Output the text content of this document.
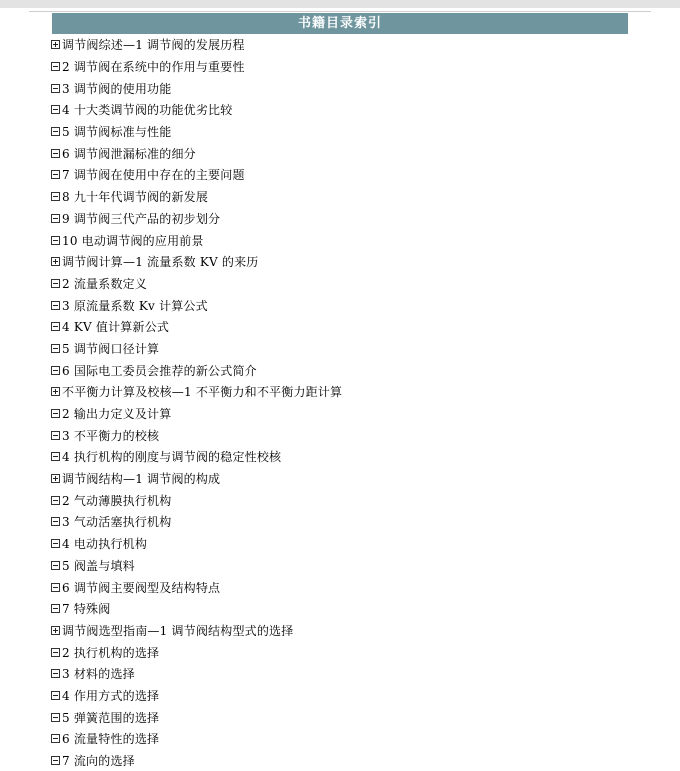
书籍目录索引
调节阀综述—1 调节阀的发展历程
2 调节阀在系统中的作用与重要性
3 调节阀的使用功能
4 十大类调节阀的功能优劣比较
5 调节阀标准与性能
6 调节阀泄漏标准的细分
7 调节阀在使用中存在的主要问题
8 九十年代调节阀的新发展
9 调节阀三代产品的初步划分
10 电动调节阀的应用前景
调节阀计算—1 流量系数 KV 的来历
2 流量系数定义
3 原流量系数 Kv 计算公式
4 KV 值计算新公式
5 调节阀口径计算
6 国际电工委员会推荐的新公式简介
不平衡力计算及校核—1 不平衡力和不平衡力距计算
2 输出力定义及计算
3 不平衡力的校核
4 执行机构的刚度与调节阀的稳定性校核
调节阀结构—1 调节阀的构成
2 气动薄膜执行机构
3 气动活塞执行机构
4 电动执行机构
5 阀盖与填料
6 调节阀主要阀型及结构特点
7 特殊阀
调节阀选型指南—1 调节阀结构型式的选择
2 执行机构的选择
3 材料的选择
4 作用方式的选择
5 弹簧范围的选择
6 流量特性的选择
7 流向的选择
